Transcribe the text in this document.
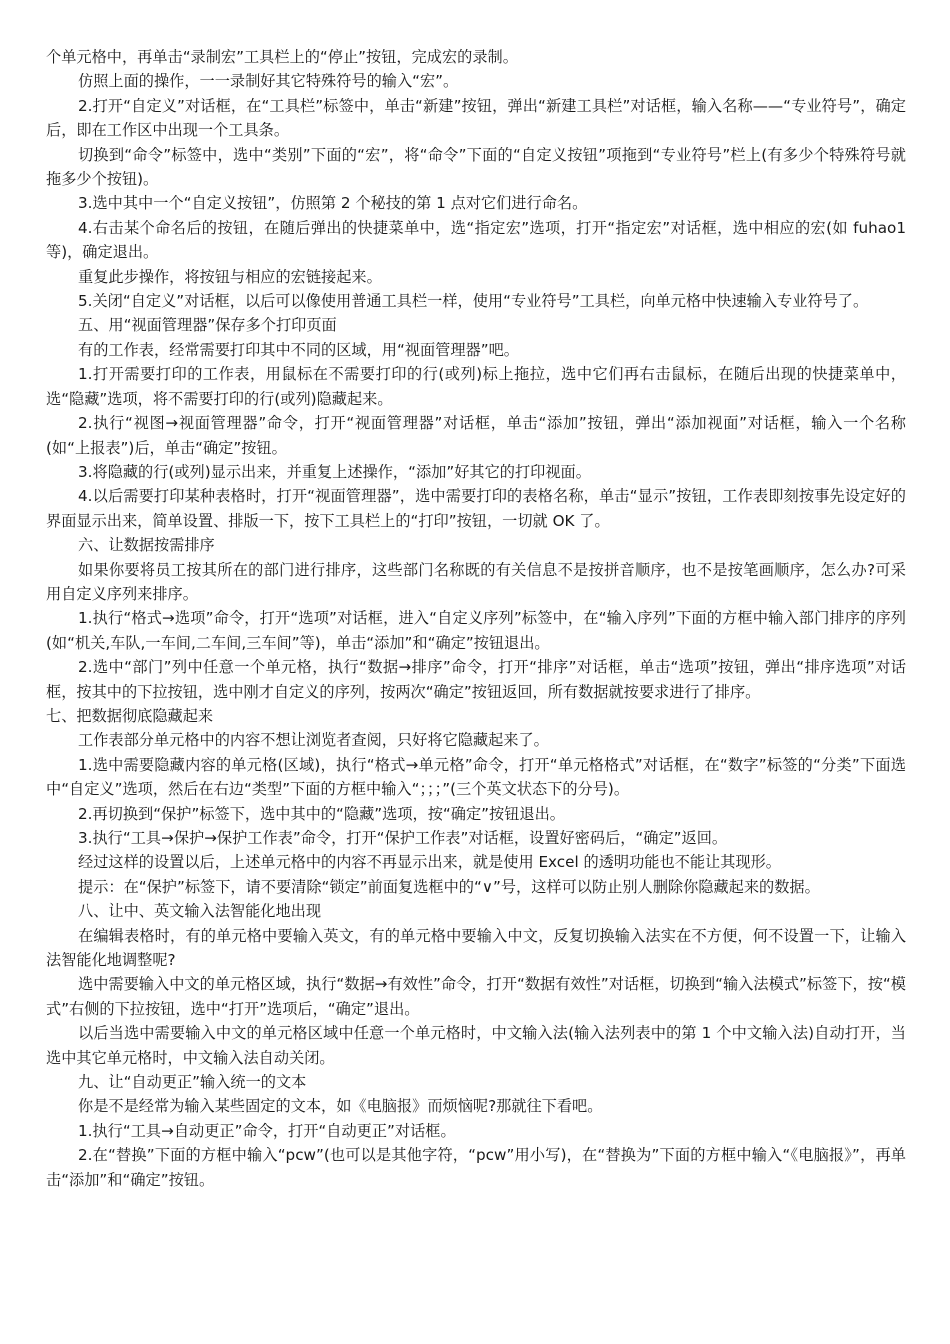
个单元格中，再单击“录制宏”工具栏上的“停止”按钮，完成宏的录制。

仿照上面的操作，一一录制好其它特殊符号的输入“宏”。

2.打开“自定义”对话框，在“工具栏”标签中，单击“新建”按钮，弹出“新建工具栏”对话框，输入名称——“专业符号”，确定后，即在工作区中出现一个工具条。

切换到“命令”标签中，选中“类别”下面的“宏”，将“命令”下面的“自定义按钮”项拖到“专业符号”栏上(有多少个特殊符号就拖多少个按钮)。

3.选中其中一个“自定义按钮”，仿照第 2 个秘技的第 1 点对它们进行命名。

4.右击某个命名后的按钮，在随后弹出的快捷菜单中，选“指定宏”选项，打开“指定宏”对话框，选中相应的宏(如 fuhao1 等)，确定退出。

重复此步操作，将按钮与相应的宏链接起来。

5.关闭“自定义”对话框，以后可以像使用普通工具栏一样，使用“专业符号”工具栏，向单元格中快速输入专业符号了。

五、用“视面管理器”保存多个打印页面

有的工作表，经常需要打印其中不同的区域，用“视面管理器”吧。

1.打开需要打印的工作表，用鼠标在不需要打印的行(或列)标上拖拉，选中它们再右击鼠标，在随后出现的快捷菜单中，选“隐藏”选项，将不需要打印的行(或列)隐藏起来。

2.执行“视图→视面管理器”命令，打开“视面管理器”对话框，单击“添加”按钮，弹出“添加视面”对话框，输入一个名称(如“上报表”)后，单击“确定”按钮。

3.将隐藏的行(或列)显示出来，并重复上述操作，“添加”好其它的打印视面。

4.以后需要打印某种表格时，打开“视面管理器”，选中需要打印的表格名称，单击“显示”按钮，工作表即刻按事先设定好的界面显示出来，简单设置、排版一下，按下工具栏上的“打印”按钮，一切就 OK 了。

六、让数据按需排序

如果你要将员工按其所在的部门进行排序，这些部门名称既的有关信息不是按拼音顺序，也不是按笔画顺序，怎么办?可采用自定义序列来排序。

1.执行“格式→选项”命令，打开“选项”对话框，进入“自定义序列”标签中，在“输入序列”下面的方框中输入部门排序的序列(如“机关,车队,一车间,二车间,三车间”等)，单击“添加”和“确定”按钮退出。

2.选中“部门”列中任意一个单元格，执行“数据→排序”命令，打开“排序”对话框，单击“选项”按钮，弹出“排序选项”对话框，按其中的下拉按钮，选中刚才自定义的序列，按两次“确定”按钮返回，所有数据就按要求进行了排序。

七、把数据彻底隐藏起来

工作表部分单元格中的内容不想让浏览者查阅，只好将它隐藏起来了。

1.选中需要隐藏内容的单元格(区域)，执行“格式→单元格”命令，打开“单元格格式”对话框，在“数字”标签的“分类”下面选中“自定义”选项，然后在右边“类型”下面的方框中输入“；；；”(三个英文状态下的分号)。

2.再切换到“保护”标签下，选中其中的“隐藏”选项，按“确定”按钮退出。

3.执行“工具→保护→保护工作表”命令，打开“保护工作表”对话框，设置好密码后，“确定”返回。

经过这样的设置以后，上述单元格中的内容不再显示出来，就是使用 Excel 的透明功能也不能让其现形。

提示：在“保护”标签下，请不要清除“锁定”前面复选框中的“∨”号，这样可以防止别人删除你隐藏起来的数据。

八、让中、英文输入法智能化地出现

在编辑表格时，有的单元格中要输入英文，有的单元格中要输入中文，反复切换输入法实在不方便，何不设置一下，让输入法智能化地调整呢?

选中需要输入中文的单元格区域，执行“数据→有效性”命令，打开“数据有效性”对话框，切换到“输入法模式”标签下，按“模式”右侧的下拉按钮，选中“打开”选项后，“确定”退出。

以后当选中需要输入中文的单元格区域中任意一个单元格时，中文输入法(输入法列表中的第 1 个中文输入法)自动打开，当选中其它单元格时，中文输入法自动关闭。

九、让“自动更正”输入统一的文本

你是不是经常为输入某些固定的文本，如《电脑报》而烦恼呢?那就往下看吧。

1.执行“工具→自动更正”命令，打开“自动更正”对话框。

2.在“替换”下面的方框中输入“pcw”(也可以是其他字符，“pcw”用小写)，在“替换为”下面的方框中输入“《电脑报》”，再单击“添加”和“确定”按钮。
